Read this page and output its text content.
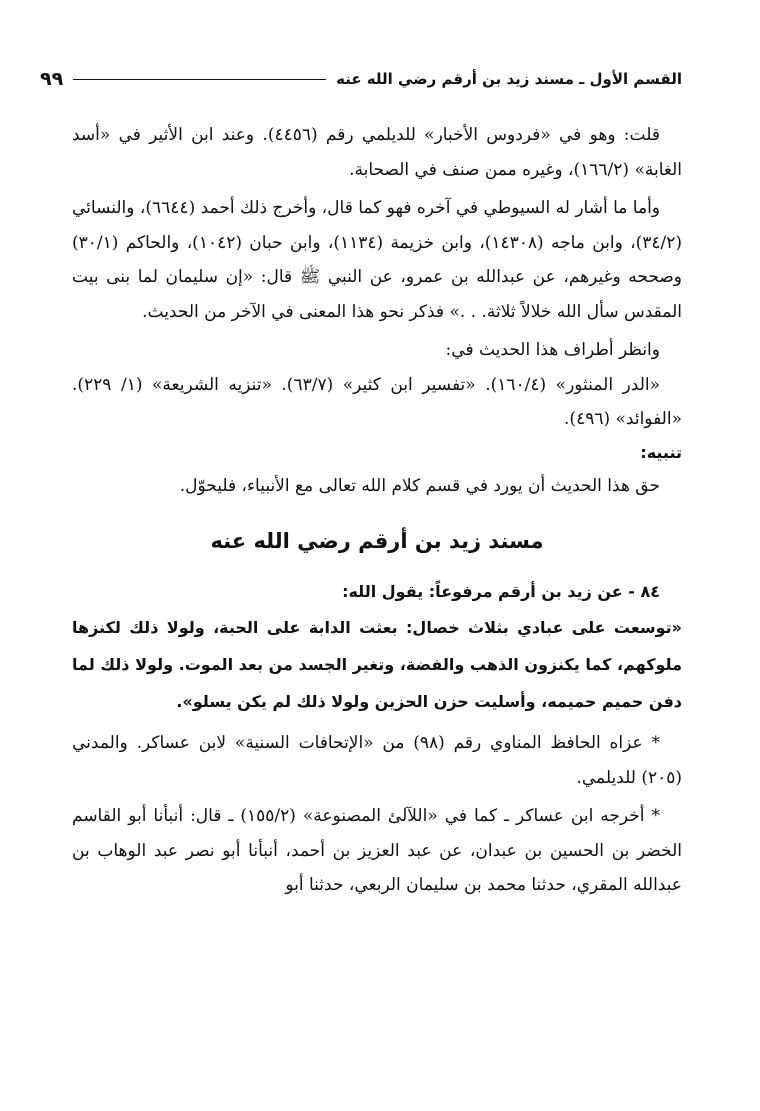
القسم الأول ـ مسند زيد بن أرقم رضي الله عنه
٩٩

قلت: وهو في «فردوس الأخبار» للديلمي رقم (٤٤٥٦). وعند ابن الأثير في «أسد الغابة» (١٦٦/٢)، وغيره ممن صنف في الصحابة.

وأما ما أشار له السيوطي في آخره فهو كما قال، وأخرج ذلك أحمد (٦٦٤٤)، والنسائي (٣٤/٢)، وابن ماجه (١٤٣٠٨)، وابن خزيمة (١١٣٤)، وابن حبان (١٠٤٢)، والحاكم (٣٠/١) وصححه وغيرهم، عن عبدالله بن عمرو، عن النبي ﷺ قال: «إن سليمان لما بنى بيت المقدس سأل الله خلالاً ثلاثة. . .» فذكر نحو هذا المعنى في الآخر من الحديث.

وانظر أطراف هذا الحديث في:

«الدر المنثور» (١٦٠/٤). «تفسير ابن كثير» (٦٣/٧). «تنزيه الشريعة» (١/ ٢٢٩). «الفوائد» (٤٩٦).

تنبيه:

حق هذا الحديث أن يورد في قسم كلام الله تعالى مع الأنبياء، فليحوّل.

مسند زيد بن أرقم رضي الله عنه

٨٤ - عن زيد بن أرقم مرفوعاً: يقول الله:

«توسعت على عبادي بثلاث خصال: بعثت الدابة على الحبة، ولولا ذلك لكنزها ملوكهم، كما يكنزون الذهب والفضة، وتغير الجسد من بعد الموت. ولولا ذلك لما دفن حميم حميمه، وأسليت حزن الحزين ولولا ذلك لم يكن يسلو».

* عزاه الحافظ المناوي رقم (٩٨) من «الإتحافات السنية» لابن عساكر. والمدني (٢٠٥) للديلمي.

* أخرجه ابن عساكر ـ كما في «اللآلئ المصنوعة» (١٥٥/٢) ـ قال: أنبأنا أبو القاسم الخضر بن الحسين بن عبدان، عن عبد العزيز بن أحمد، أنبأنا أبو نصر عبد الوهاب بن عبدالله المقري، حدثنا محمد بن سليمان الربعي، حدثنا أبو
